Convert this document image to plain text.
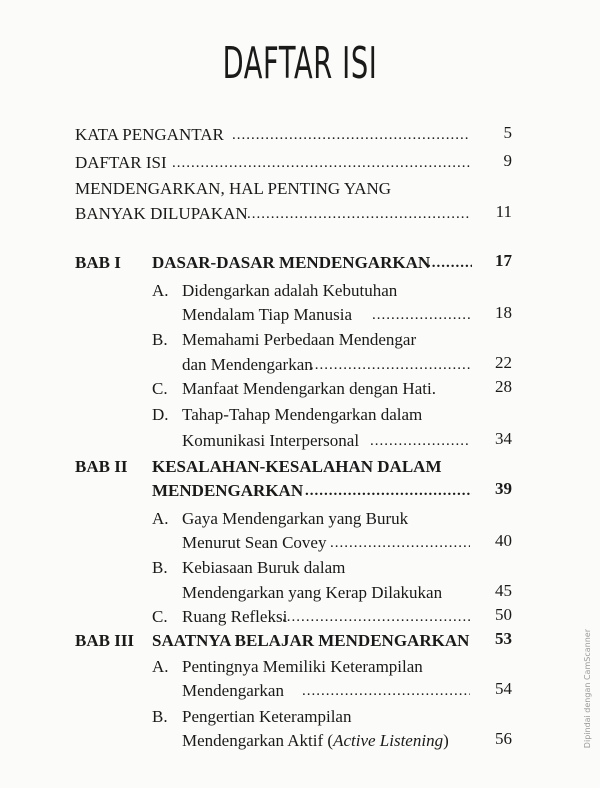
DAFTAR ISI
KATA PENGANTAR .....	5
DAFTAR ISI .....	9
MENDENGARKAN, HAL PENTING YANG
BANYAK DILUPAKAN .....	11
BAB I DASAR-DASAR MENDENGARKAN .....	17
A. Didengarkan adalah Kebutuhan
Mendalam Tiap Manusia .....	18
B. Memahami Perbedaan Mendengar
dan Mendengarkan .....	22
C. Manfaat Mendengarkan dengan Hati.	28
D. Tahap-Tahap Mendengarkan dalam
Komunikasi Interpersonal .....	34
BAB II KESALAHAN-KESALAHAN DALAM
MENDENGARKAN .....	39
A. Gaya Mendengarkan yang Buruk
Menurut Sean Covey .....	40
B. Kebiasaan Buruk dalam
Mendengarkan yang Kerap Dilakukan	45
C. Ruang Refleksi .....	50
BAB III SAATNYA BELAJAR MENDENGARKAN 53
A. Pentingnya Memiliki Keterampilan
Mendengarkan .....	54
B. Pengertian Keterampilan
Mendengarkan Aktif (Active Listening)	56	Dipindai dengan CamScanner
